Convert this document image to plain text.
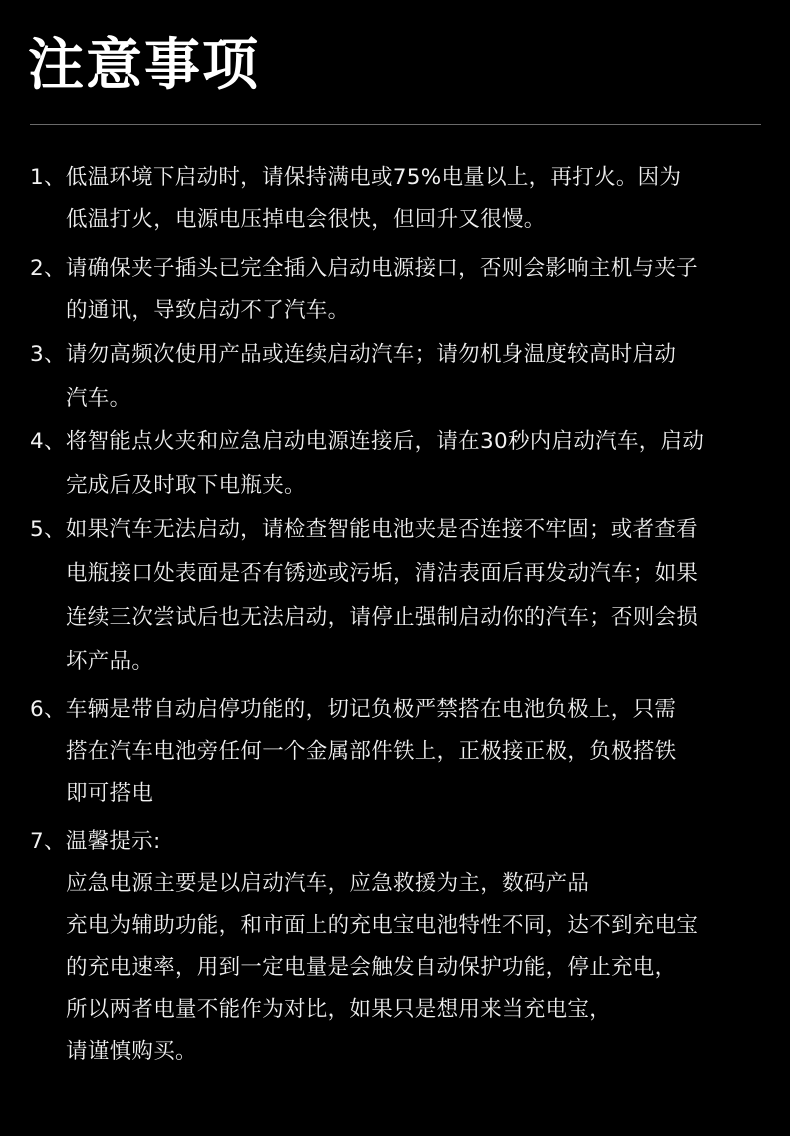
注意事项
1、低温环境下启动时，请保持满电或75%电量以上，再打火。因为
低温打火，电源电压掉电会很快，但回升又很慢。
2、请确保夹子插头已完全插入启动电源接口，否则会影响主机与夹子
的通讯，导致启动不了汽车。
3、请勿高频次使用产品或连续启动汽车；请勿机身温度较高时启动
汽车。
4、将智能点火夹和应急启动电源连接后，请在30秒内启动汽车，启动
完成后及时取下电瓶夹。
5、如果汽车无法启动，请检查智能电池夹是否连接不牢固；或者查看
电瓶接口处表面是否有锈迹或污垢，清洁表面后再发动汽车；如果
连续三次尝试后也无法启动，请停止强制启动你的汽车；否则会损
坏产品。
6、车辆是带自动启停功能的，切记负极严禁搭在电池负极上，只需
搭在汽车电池旁任何一个金属部件铁上，正极接正极，负极搭铁
即可搭电
7、温馨提示:
应急电源主要是以启动汽车，应急救援为主，数码产品
充电为辅助功能，和市面上的充电宝电池特性不同，达不到充电宝
的充电速率，用到一定电量是会触发自动保护功能，停止充电，
所以两者电量不能作为对比，如果只是想用来当充电宝，
请谨慎购买。
